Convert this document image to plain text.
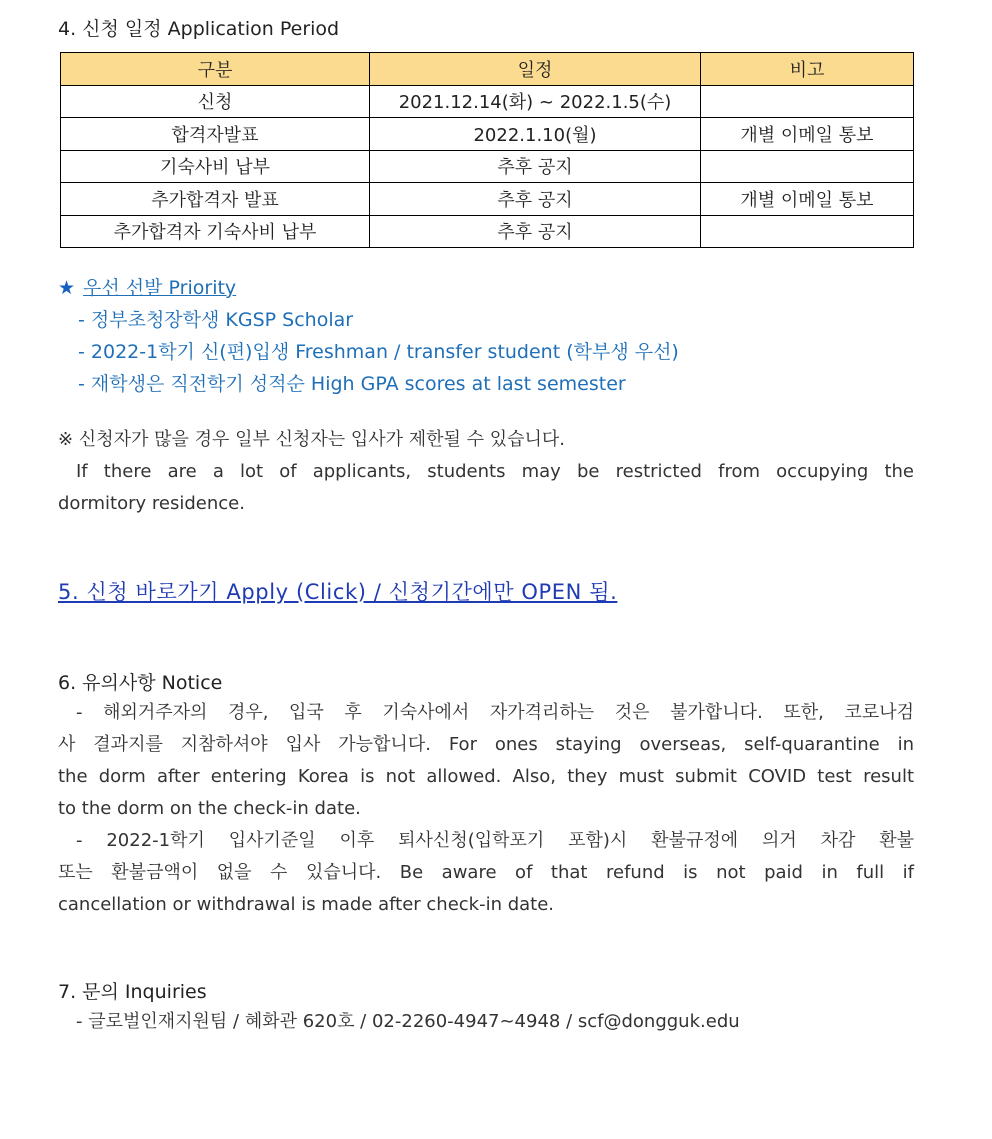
4. 신청 일정 Application Period
구분	일정	비고
신청	2021.12.14(화) ~ 2022.1.5(수)	
합격자발표	2022.1.10(월)	개별 이메일 통보
기숙사비 납부	추후 공지	
추가합격자 발표	추후 공지	개별 이메일 통보
추가합격자 기숙사비 납부	추후 공지	
★ 우선 선발 Priority
- 정부초청장학생 KGSP Scholar
- 2022-1학기 신(편)입생 Freshman / transfer student (학부생 우선)
- 재학생은 직전학기 성적순 High GPA scores at last semester
※ 신청자가 많을 경우 일부 신청자는 입사가 제한될 수 있습니다.
If there are a lot of applicants, students may be restricted from occupying the
dormitory residence.
5. 신청 바로가기 Apply (Click) / 신청기간에만 OPEN 됨.
6. 유의사항 Notice
- 해외거주자의 경우, 입국 후 기숙사에서 자가격리하는 것은 불가합니다. 또한, 코로나검
사 결과지를 지참하셔야 입사 가능합니다. For ones staying overseas, self-quarantine in
the dorm after entering Korea is not allowed. Also, they must submit COVID test result
to the dorm on the check-in date.
- 2022-1학기 입사기준일 이후 퇴사신청(입학포기 포함)시 환불규정에 의거 차감 환불
또는 환불금액이 없을 수 있습니다. Be aware of that refund is not paid in full if
cancellation or withdrawal is made after check-in date.
7. 문의 Inquiries
- 글로벌인재지원팀 / 혜화관 620호 / 02-2260-4947~4948 / scf@dongguk.edu
